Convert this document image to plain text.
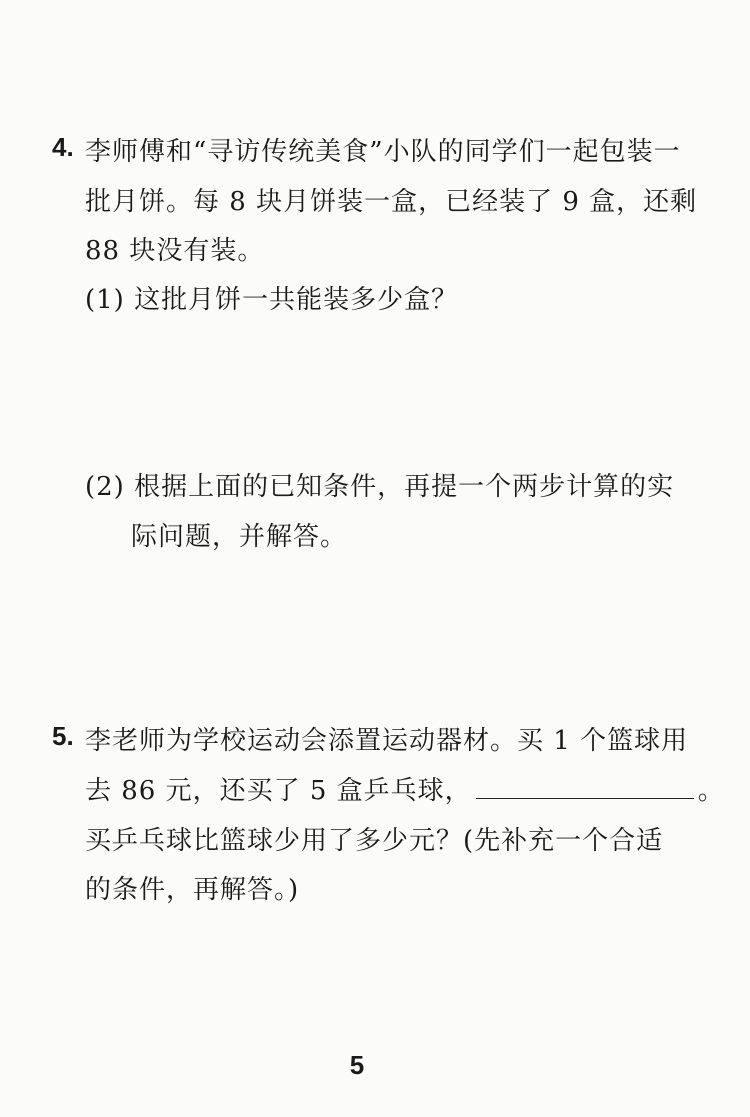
4. 李师傅和“寻访传统美食”小队的同学们一起包装一
批月饼。每 8 块月饼装一盒，已经装了 9 盒，还剩
88 块没有装。
(1) 这批月饼一共能装多少盒？
(2) 根据上面的已知条件，再提一个两步计算的实
际问题，并解答。
5. 李老师为学校运动会添置运动器材。买 1 个篮球用
去 86 元，还买了 5 盒乒乓球，	。
买乒乓球比篮球少用了多少元？(先补充一个合适
的条件，再解答。)
5
